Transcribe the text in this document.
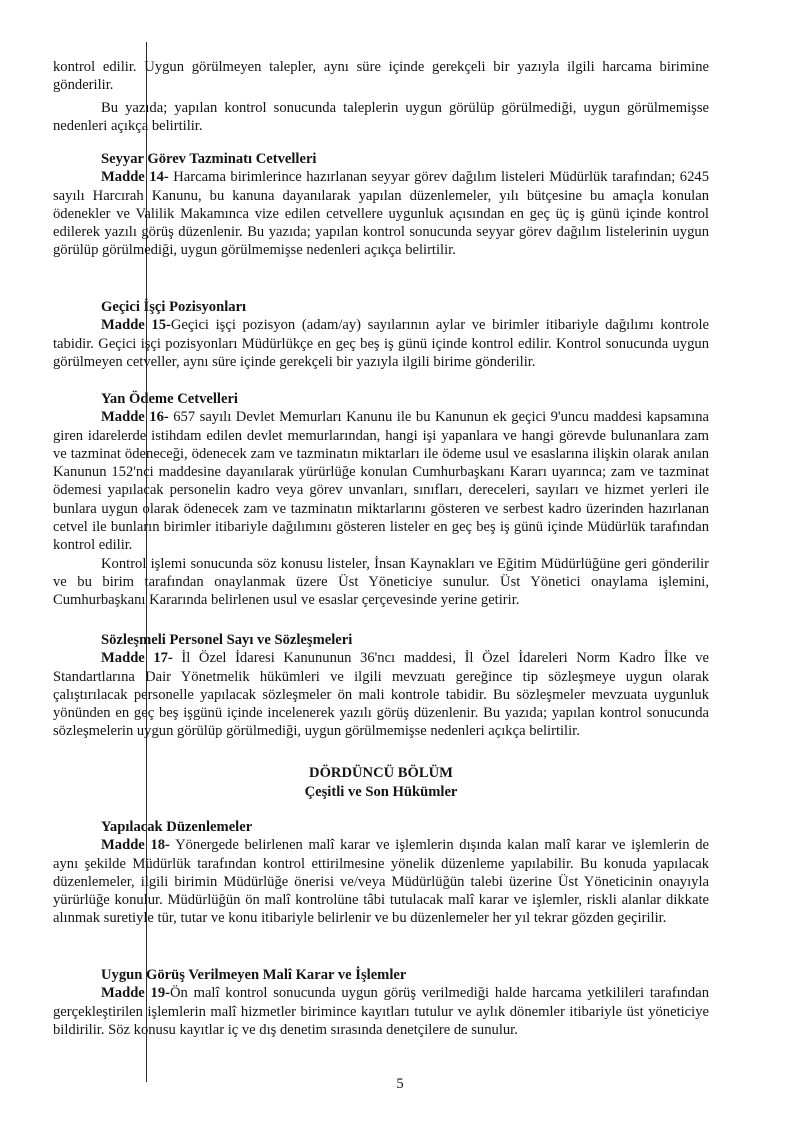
kontrol edilir. Uygun görülmeyen talepler, aynı süre içinde gerekçeli bir yazıyla ilgili harcama birimine gönderilir.

Bu yazıda; yapılan kontrol sonucunda taleplerin uygun görülüp görülmediği, uygun görülmemişse nedenleri açıkça belirtilir.

Seyyar Görev Tazminatı Cetvelleri

Madde 14- Harcama birimlerince hazırlanan seyyar görev dağılım listeleri Müdürlük tarafından; 6245 sayılı Harcırah Kanunu, bu kanuna dayanılarak yapılan düzenlemeler, yılı bütçesine bu amaçla konulan ödenekler ve Valilik Makamınca vize edilen cetvellere uygunluk açısından en geç üç iş günü içinde kontrol edilerek yazılı görüş düzenlenir. Bu yazıda; yapılan kontrol sonucunda seyyar görev dağılım listelerinin uygun görülüp görülmediği, uygun görülmemişse nedenleri açıkça belirtilir.

Geçici İşçi Pozisyonları

Madde 15-Geçici işçi pozisyon (adam/ay) sayılarının aylar ve birimler itibariyle dağılımı kontrole tabidir. Geçici işçi pozisyonları Müdürlükçe en geç beş iş günü içinde kontrol edilir. Kontrol sonucunda uygun görülmeyen cetveller, aynı süre içinde gerekçeli bir yazıyla ilgili birime gönderilir.

Yan Ödeme Cetvelleri

Madde 16- 657 sayılı Devlet Memurları Kanunu ile bu Kanunun ek geçici 9'uncu maddesi kapsamına giren idarelerde istihdam edilen devlet memurlarından, hangi işi yapanlara ve hangi görevde bulunanlara zam ve tazminat ödeneceği, ödenecek zam ve tazminatın miktarları ile ödeme usul ve esaslarına ilişkin olarak anılan Kanunun 152'nci maddesine dayanılarak yürürlüğe konulan Cumhurbaşkanı Kararı uyarınca; zam ve tazminat ödemesi yapılacak personelin kadro veya görev unvanları, sınıfları, dereceleri, sayıları ve hizmet yerleri ile bunlara uygun olarak ödenecek zam ve tazminatın miktarlarını gösteren ve serbest kadro üzerinden hazırlanan cetvel ile bunların birimler itibariyle dağılımını gösteren listeler en geç beş iş günü içinde Müdürlük tarafından kontrol edilir.

Kontrol işlemi sonucunda söz konusu listeler, İnsan Kaynakları ve Eğitim Müdürlüğüne geri gönderilir ve bu birim tarafından onaylanmak üzere Üst Yöneticiye sunulur. Üst Yönetici onaylama işlemini, Cumhurbaşkanı Kararında belirlenen usul ve esaslar çerçevesinde yerine getirir.

Sözleşmeli Personel Sayı ve Sözleşmeleri

Madde 17- İl Özel İdaresi Kanununun 36'ncı maddesi, İl Özel İdareleri Norm Kadro İlke ve Standartlarına Dair Yönetmelik hükümleri ve ilgili mevzuatı gereğince tip sözleşmeye uygun olarak çalıştırılacak personelle yapılacak sözleşmeler ön mali kontrole tabidir. Bu sözleşmeler mevzuata uygunluk yönünden en geç beş işgünü içinde incelenerek yazılı görüş düzenlenir. Bu yazıda; yapılan kontrol sonucunda sözleşmelerin uygun görülüp görülmediği, uygun görülmemişse nedenleri açıkça belirtilir.

DÖRDÜNCÜ BÖLÜM
Çeşitli ve Son Hükümler

Yapılacak Düzenlemeler

Madde 18- Yönergede belirlenen malî karar ve işlemlerin dışında kalan malî karar ve işlemlerin de aynı şekilde Müdürlük tarafından kontrol ettirilmesine yönelik düzenleme yapılabilir. Bu konuda yapılacak düzenlemeler, ilgili birimin Müdürlüğe önerisi ve/veya Müdürlüğün talebi üzerine Üst Yöneticinin onayıyla yürürlüğe konulur. Müdürlüğün ön malî kontrolüne tâbi tutulacak malî karar ve işlemler, riskli alanlar dikkate alınmak suretiyle tür, tutar ve konu itibariyle belirlenir ve bu düzenlemeler her yıl tekrar gözden geçirilir.

Uygun Görüş Verilmeyen Malî Karar ve İşlemler

Madde 19-Ön malî kontrol sonucunda uygun görüş verilmediği halde harcama yetkilileri tarafından gerçekleştirilen işlemlerin malî hizmetler birimince kayıtları tutulur ve aylık dönemler itibariyle üst yöneticiye bildirilir. Söz konusu kayıtlar iç ve dış denetim sırasında denetçilere de sunulur.

5
